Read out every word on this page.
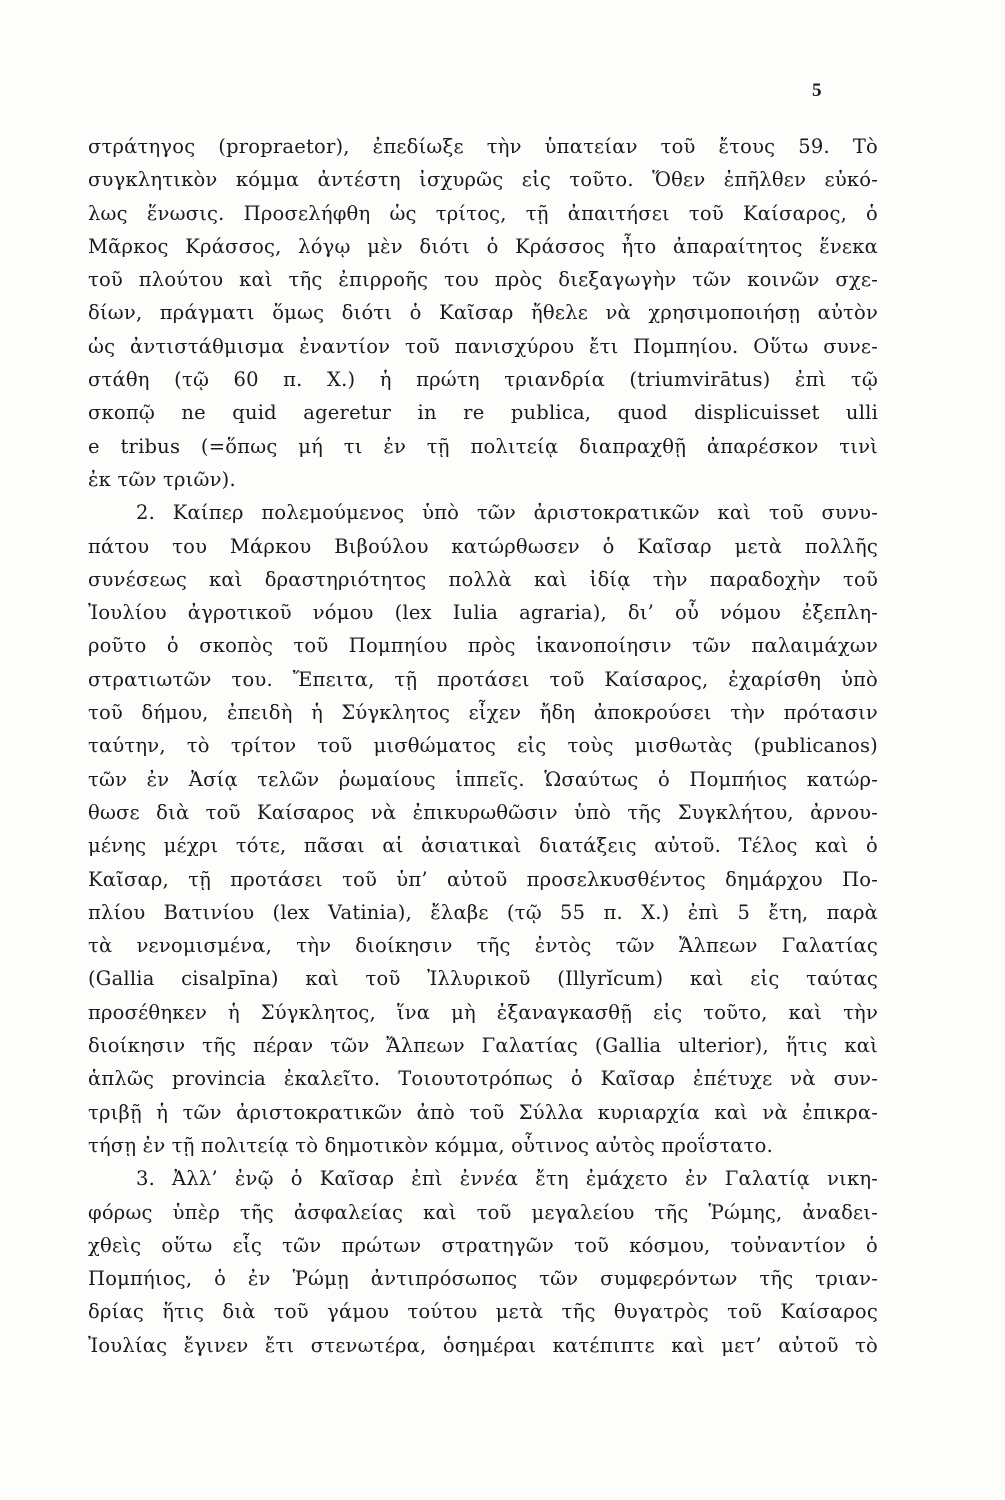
5
στράτηγος (propraetor), ἐπεδίωξε τὴν ὑπατείαν τοῦ ἔτους 59. Τὸ
συγκλητικὸν κόμμα ἀντέστη ἰσχυρῶς εἰς τοῦτο. Ὅθεν ἐπῆλθεν εὐκό-
λως ἕνωσις. Προσελήφθη ὡς τρίτος, τῇ ἀπαιτήσει τοῦ Καίσαρος, ὁ
Μᾶρκος Κράσσος, λόγῳ μὲν διότι ὁ Κράσσος ἦτο ἀπαραίτητος ἕνεκα
τοῦ πλούτου καὶ τῆς ἐπιρροῆς του πρὸς διεξαγωγὴν τῶν κοινῶν σχε-
δίων, πράγματι ὅμως διότι ὁ Καῖσαρ ἤθελε νὰ χρησιμοποιήσῃ αὐτὸν
ὡς ἀντιστάθμισμα ἐναντίον τοῦ πανισχύρου ἔτι Πομπηίου. Οὕτω συνε-
στάθη (τῷ 60 π. Χ.) ἡ πρώτη τριανδρία (triumvirātus) ἐπὶ τῷ
σκοπῷ ne quid ageretur in re publica, quod displicuisset ulli
e tribus (=ὅπως μή τι ἐν τῇ πολιτείᾳ διαπραχθῇ ἀπαρέσκον τινὶ
ἐκ τῶν τριῶν).
2. Καίπερ πολεμούμενος ὑπὸ τῶν ἀριστοκρατικῶν καὶ τοῦ συνυ-
πάτου του Μάρκου Βιβούλου κατώρθωσεν ὁ Καῖσαρ μετὰ πολλῆς
συνέσεως καὶ δραστηριότητος πολλὰ καὶ ἰδίᾳ τὴν παραδοχὴν τοῦ
Ἰουλίου ἀγροτικοῦ νόμου (lex Iulia agraria), δι’ οὗ νόμου ἐξεπλη-
ροῦτο ὁ σκοπὸς τοῦ Πομπηίου πρὸς ἱκανοποίησιν τῶν παλαιμάχων
στρατιωτῶν του. Ἔπειτα, τῇ προτάσει τοῦ Καίσαρος, ἐχαρίσθη ὑπὸ
τοῦ δήμου, ἐπειδὴ ἡ Σύγκλητος εἶχεν ἤδη ἀποκρούσει τὴν πρότασιν
ταύτην, τὸ τρίτον τοῦ μισθώματος εἰς τοὺς μισθωτὰς (publicanos)
τῶν ἐν Ἀσίᾳ τελῶν ῥωμαίους ἱππεῖς. Ὡσαύτως ὁ Πομπήιος κατώρ-
θωσε διὰ τοῦ Καίσαρος νὰ ἐπικυρωθῶσιν ὑπὸ τῆς Συγκλήτου, ἀρνου-
μένης μέχρι τότε, πᾶσαι αἱ ἀσιατικαὶ διατάξεις αὐτοῦ. Τέλος καὶ ὁ
Καῖσαρ, τῇ προτάσει τοῦ ὑπ’ αὐτοῦ προσελκυσθέντος δημάρχου Πο-
πλίου Βατινίου (lex Vatinia), ἔλαβε (τῷ 55 π. Χ.) ἐπὶ 5 ἔτη, παρὰ
τὰ νενομισμένα, τὴν διοίκησιν τῆς ἐντὸς τῶν Ἄλπεων Γαλατίας
(Gallia cisalpīna) καὶ τοῦ Ἰλλυρικοῦ (Illyrĭcum) καὶ εἰς ταύτας
προσέθηκεν ἡ Σύγκλητος, ἵνα μὴ ἐξαναγκασθῇ εἰς τοῦτο, καὶ τὴν
διοίκησιν τῆς πέραν τῶν Ἄλπεων Γαλατίας (Gallia ulterior), ἥτις καὶ
ἁπλῶς provincia ἐκαλεῖτο. Τοιουτοτρόπως ὁ Καῖσαρ ἐπέτυχε νὰ συν-
τριβῇ ἡ τῶν ἀριστοκρατικῶν ἀπὸ τοῦ Σύλλα κυριαρχία καὶ νὰ ἐπικρα-
τήσῃ ἐν τῇ πολιτείᾳ τὸ δημοτικὸν κόμμα, οὗτινος αὐτὸς προΐστατο.
3. Ἀλλ’ ἐνῷ ὁ Καῖσαρ ἐπὶ ἐννέα ἔτη ἐμάχετο ἐν Γαλατίᾳ νικη-
φόρως ὑπὲρ τῆς ἀσφαλείας καὶ τοῦ μεγαλείου τῆς Ῥώμης, ἀναδει-
χθεὶς οὕτω εἷς τῶν πρώτων στρατηγῶν τοῦ κόσμου, τοὐναντίον ὁ
Πομπήιος, ὁ ἐν Ῥώμῃ ἀντιπρόσωπος τῶν συμφερόντων τῆς τριαν-
δρίας ἥτις διὰ τοῦ γάμου τούτου μετὰ τῆς θυγατρὸς τοῦ Καίσαρος
Ἰουλίας ἔγινεν ἔτι στενωτέρα, ὁσημέραι κατέπιπτε καὶ μετ’ αὐτοῦ τὸ
